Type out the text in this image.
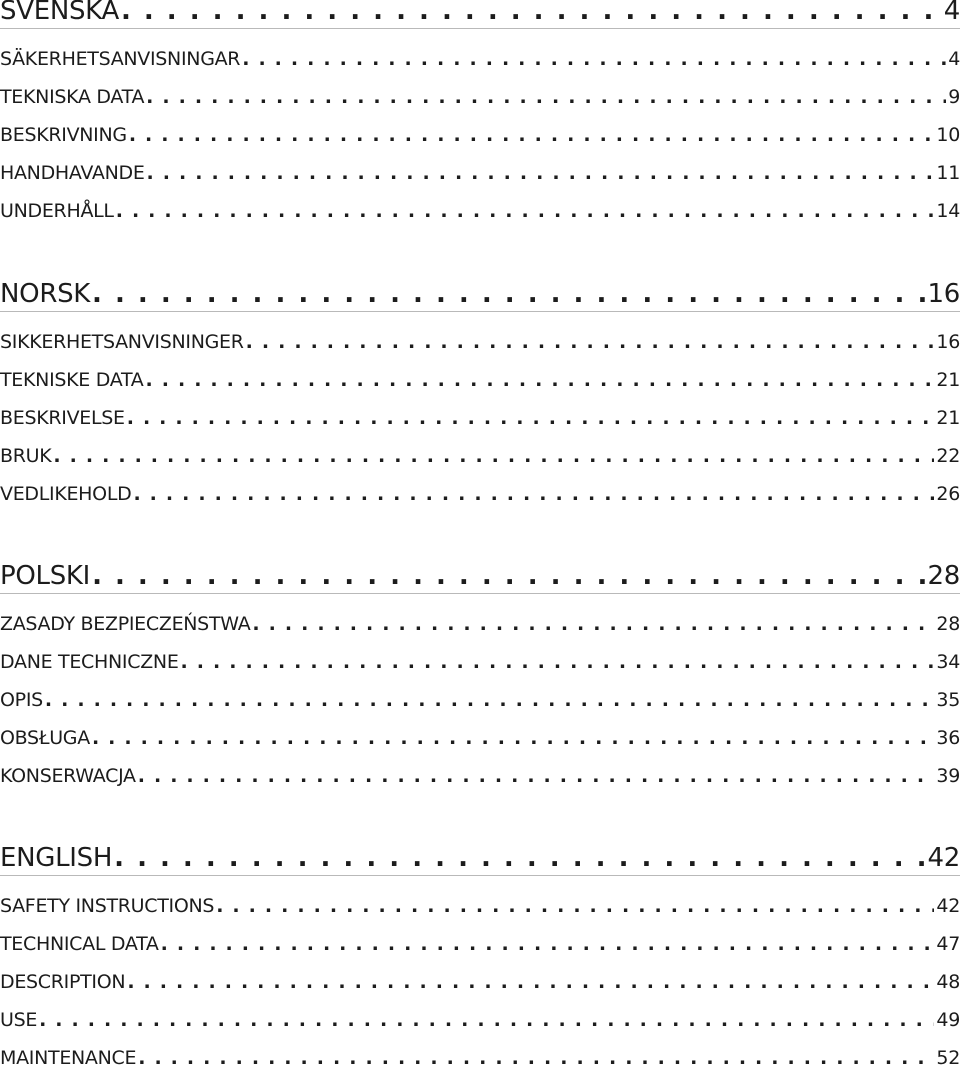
SVENSKA . . .	4
SÄKERHETSANVISNINGAR . . .	4
TEKNISKA DATA . . .	9
BESKRIVNING . . .	10
HANDHAVANDE . . .	11
UNDERHÅLL . . .	14
NORSK . . .	16
SIKKERHETSANVISNINGER . . .	16
TEKNISKE DATA . . .	21
BESKRIVELSE . . .	21
BRUK . . .	22
VEDLIKEHOLD . . .	26
POLSKI . . .	28
ZASADY BEZPIECZEŃSTWA . . .	28
DANE TECHNICZNE . . .	34
OPIS . . .	35
OBSŁUGA . . .	36
KONSERWACJA . . .	39
ENGLISH . . .	42
SAFETY INSTRUCTIONS . . .	42
TECHNICAL DATA . . .	47
DESCRIPTION . . .	48
USE . . .	49
MAINTENANCE . . .	52
